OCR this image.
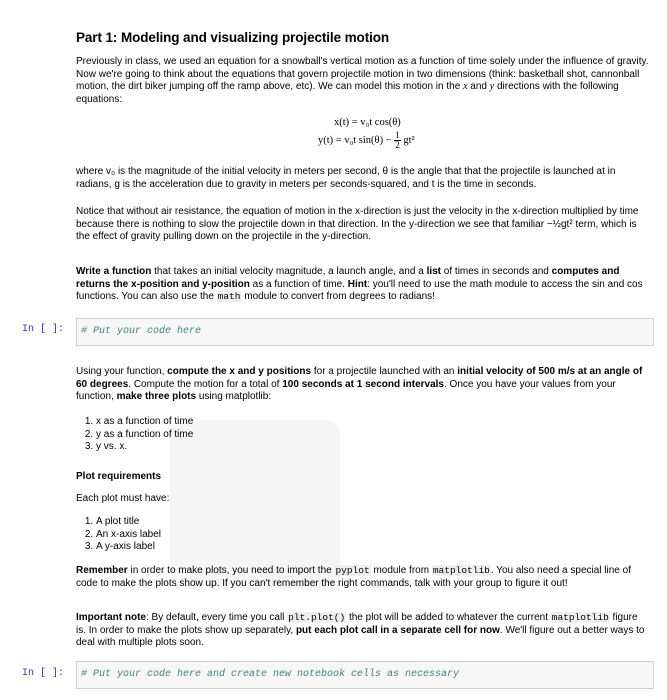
Part 1: Modeling and visualizing projectile motion

Previously in class, we used an equation for a snowball's vertical motion as a function of time solely under the influence of gravity. Now we're going to think about the equations that govern projectile motion in two dimensions (think: basketball shot, cannonball motion, the dirt biker jumping off the ramp above, etc). We can model this motion in the x and y directions with the following equations:

x(t) = v₀t cos(θ)
y(t) = v₀t $\sin(\theta) - \frac{1}{2} gt^2$
where v₀ is the magnitude of the initial velocity in meters per second, θ is the angle that that the projectile is launched at in radians, g is the acceleration due to gravity in meters per seconds-squared, and t is the time in seconds.
Notice that without air resistance, the equation of motion in the x-direction is just the velocity in the x-direction multiplied by time because there is nothing to slow the projectile down in that direction. In the y-direction we see that familiar −½gt² term, which is the effect of gravity pulling down on the projectile in the y-direction.

Write a function that takes an initial velocity magnitude, a launch angle, and a list of times in seconds and computes and returns the x-position and y-position as a function of time. Hint: you'll need to use the math module to access the sin and cos functions. You can also use the math module to convert from degrees to radians!

In [ ]:	# Put your code here

Using your function, compute the x and y positions for a projectile launched with an initial velocity of 500 m/s at an angle of 60 degrees. Compute the motion for a total of 100 seconds at 1 second intervals. Once you have your values from your function, make three plots using matplotlib:

1. x as a function of time
2. y as a function of time
3. y vs. x.
Plot requirements
Each plot must have:
1. A plot title
2. An x-axis label
3. A y-axis label

Remember in order to make plots, you need to import the pyplot module from matplotlib. You also need a special line of code to make the plots show up. If you can't remember the right commands, talk with your group to figure it out!

Important note: By default, every time you call plt.plot() the plot will be added to whatever the current matplotlib figure is. In order to make the plots show up separately, put each plot call in a separate cell for now. We'll figure out a better ways to deal with multiple plots soon.

In [ ]:	# Put your code here and create new notebook cells as necessary
